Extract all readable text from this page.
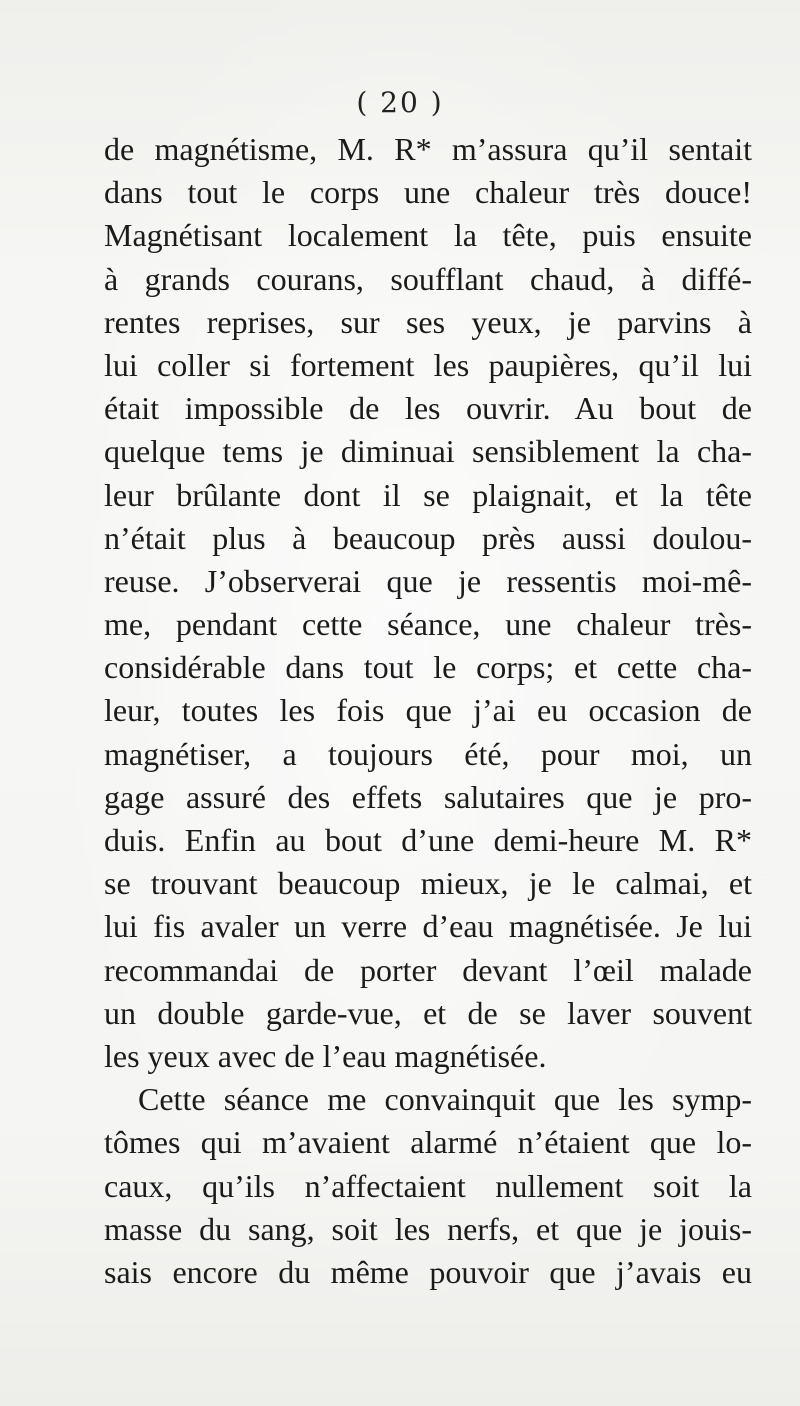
( 20 )
de magnétisme, M. R* m’assura qu’il sentait
dans tout le corps une chaleur très douce!
Magnétisant localement la tête, puis ensuite
à grands courans, soufflant chaud, à diffé-
rentes reprises, sur ses yeux, je parvins à
lui coller si fortement les paupières, qu’il lui
était impossible de les ouvrir. Au bout de
quelque tems je diminuai sensiblement la cha-
leur brûlante dont il se plaignait, et la tête
n’était plus à beaucoup près aussi doulou-
reuse. J’observerai que je ressentis moi-mê-
me, pendant cette séance, une chaleur très-
considérable dans tout le corps; et cette cha-
leur, toutes les fois que j’ai eu occasion de
magnétiser, a toujours été, pour moi, un
gage assuré des effets salutaires que je pro-
duis. Enfin au bout d’une demi-heure M. R*
se trouvant beaucoup mieux, je le calmai, et
lui fis avaler un verre d’eau magnétisée. Je lui
recommandai de porter devant l’œil malade
un double garde-vue, et de se laver souvent
les yeux avec de l’eau magnétisée.
Cette séance me convainquit que les symp-
tômes qui m’avaient alarmé n’étaient que lo-
caux, qu’ils n’affectaient nullement soit la
masse du sang, soit les nerfs, et que je jouis-
sais encore du même pouvoir que j’avais eu
